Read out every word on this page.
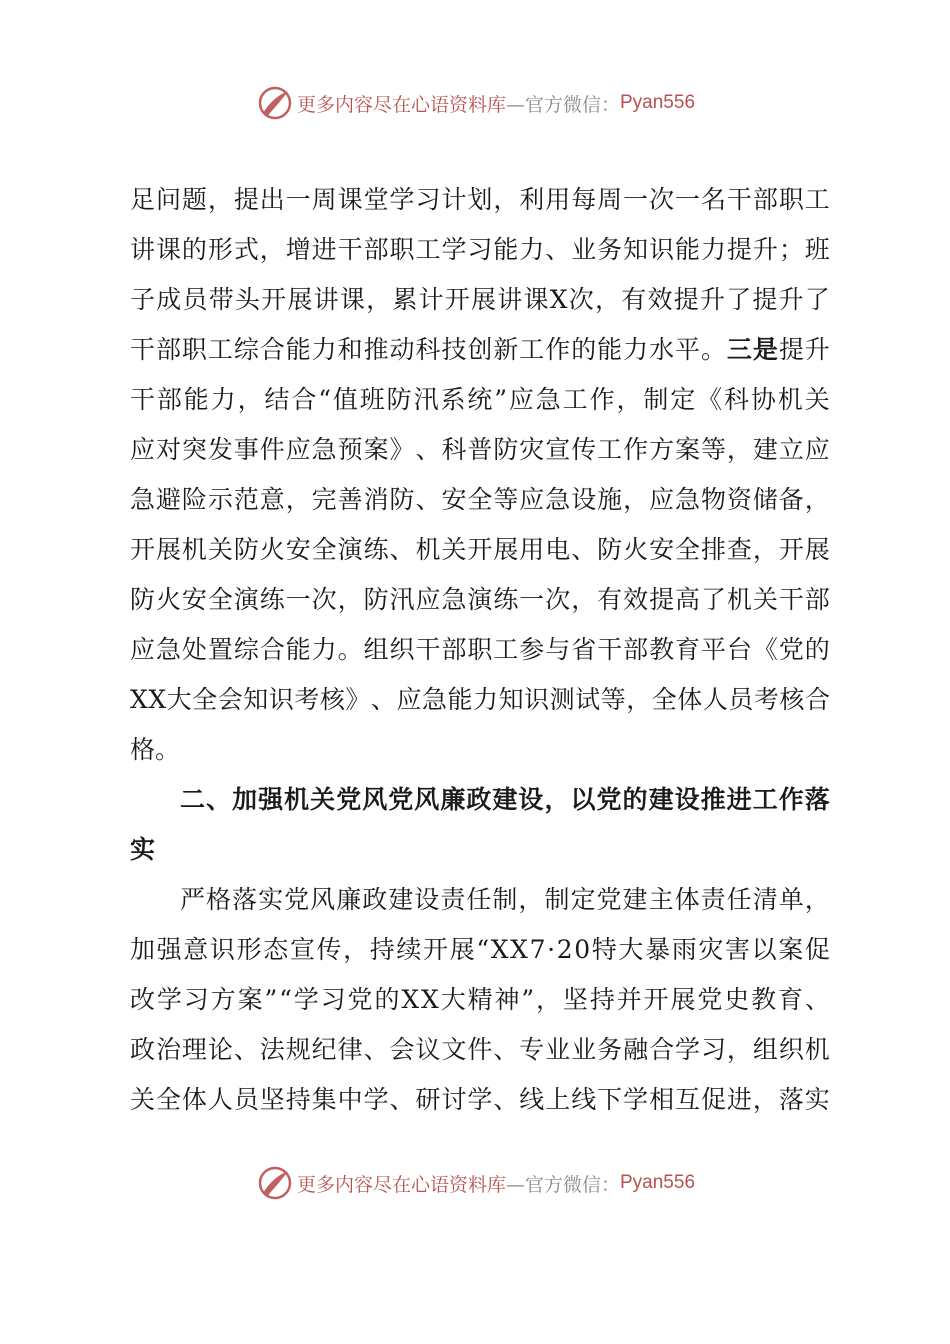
更多内容尽在心语资料库 —官方微信： Pyan556
足 问 题 ， 提 出 一 周 课 堂 学 习 计 划 ， 利 用 每 周 一 次 一 名 干 部 职 工
讲 课 的 形 式 ， 增 进 干 部 职 工 学 习 能 力 、 业 务 知 识 能 力 提 升 ； 班
子 成 员 带 头 开 展 讲 课 ， 累 计 开 展 讲 课 X 次 ， 有 效 提 升 了 提 升 了
干 部 职 工 综 合 能 力 和 推 动 科 技 创 新 工 作 的 能 力 水 平 。 三 是 提 升
干 部 能 力 ， 结 合 “ 值 班 防 汛 系 统 ” 应 急 工 作 ， 制 定 《 科 协 机 关
应 对 突 发 事 件 应 急 预 案 》 、 科 普 防 灾 宣 传 工 作 方 案 等 ， 建 立 应
急 避 险 示 范 意 ， 完 善 消 防 、 安 全 等 应 急 设 施 ， 应 急 物 资 储 备 ，
开 展 机 关 防 火 安 全 演 练 、 机 关 开 展 用 电 、 防 火 安 全 排 查 ， 开 展
防 火 安 全 演 练 一 次 ， 防 汛 应 急 演 练 一 次 ， 有 效 提 高 了 机 关 干 部
应 急 处 置 综 合 能 力 。 组 织 干 部 职 工 参 与 省 干 部 教 育 平 台 《 党 的
X X 大 全 会 知 识 考 核 》 、 应 急 能 力 知 识 测 试 等 ， 全 体 人 员 考 核 合
格。
二 、 加 强 机 关 党 风 党 风 廉 政 建 设 ， 以 党 的 建 设 推 进 工 作 落
实
严 格 落 实 党 风 廉 政 建 设 责 任 制 ， 制 定 党 建 主 体 责 任 清 单 ，
加 强 意 识 形 态 宣 传 ， 持 续 开 展 “ X X 7 · 2 0 特 大 暴 雨 灾 害 以 案 促
改 学 习 方 案 ” “ 学 习 党 的 X X 大 精 神 ” ， 坚 持 并 开 展 党 史 教 育 、
政 治 理 论 、 法 规 纪 律 、 会 议 文 件 、 专 业 业 务 融 合 学 习 ， 组 织 机
关 全 体 人 员 坚 持 集 中 学 、 研 讨 学 、 线 上 线 下 学 相 互 促 进 ， 落 实
更多内容尽在心语资料库 —官方微信： Pyan556
